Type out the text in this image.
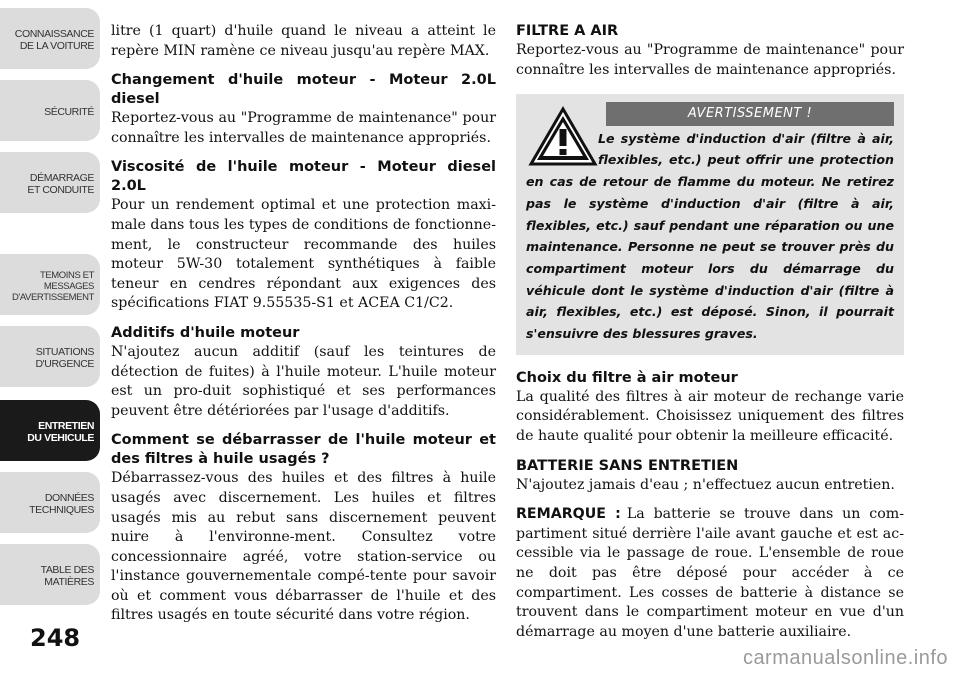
CONNAISSANCE
DE LA VOITURE
SÉCURITÉ
DÉMARRAGE
ET CONDUITE
TEMOINS ET
MESSAGES
D'AVERTISSEMENT
SITUATIONS
D'URGENCE
ENTRETIEN
DU VEHICULE
DONNÉES
TECHNIQUES
TABLE DES
MATIÈRES
248

litre (1 quart) d'huile quand le niveau a atteint le repère MIN ramène ce niveau jusqu'au repère MAX.

Changement d'huile moteur - Moteur 2.0L diesel

Reportez-vous au "Programme de maintenance" pour connaître les intervalles de maintenance appropriés.

Viscosité de l'huile moteur - Moteur diesel 2.0L

Pour un rendement optimal et une protection maxi-male dans tous les types de conditions de fonctionne-ment, le constructeur recommande des huiles moteur 5W-30 totalement synthétiques à faible teneur en cendres répondant aux exigences des spécifications FIAT 9.55535-S1 et ACEA C1/C2.

Additifs d'huile moteur

N'ajoutez aucun additif (sauf les teintures de détection de fuites) à l'huile moteur. L'huile moteur est un pro-duit sophistiqué et ses performances peuvent être détériorées par l'usage d'additifs.

Comment se débarrasser de l'huile moteur et des filtres à huile usagés ?

Débarrassez-vous des huiles et des filtres à huile usagés avec discernement. Les huiles et filtres usagés mis au rebut sans discernement peuvent nuire à l'environne-ment. Consultez votre concessionnaire agréé, votre station-service ou l'instance gouvernementale compé-tente pour savoir où et comment vous débarrasser de l'huile et des filtres usagés en toute sécurité dans votre région.

FILTRE A AIR

Reportez-vous au "Programme de maintenance" pour connaître les intervalles de maintenance appropriés.

AVERTISSEMENT !
Le système d'induction d'air (filtre à air, flexibles, etc.) peut offrir une protection en cas de retour de flamme du moteur. Ne retirez pas le système d'induction d'air (filtre à air, flexibles, etc.) sauf pendant une réparation ou une maintenance. Personne ne peut se trouver près du compartiment moteur lors du démarrage du véhicule dont le système d'induction d'air (filtre à air, flexibles, etc.) est déposé. Sinon, il pourrait s'ensuivre des blessures graves.
Choix du filtre à air moteur

La qualité des filtres à air moteur de rechange varie considérablement. Choisissez uniquement des filtres de haute qualité pour obtenir la meilleure efficacité.

BATTERIE SANS ENTRETIEN

N'ajoutez jamais d'eau ; n'effectuez aucun entretien.

REMARQUE : La batterie se trouve dans un com-partiment situé derrière l'aile avant gauche et est ac-cessible via le passage de roue. L'ensemble de roue ne doit pas être déposé pour accéder à ce compartiment. Les cosses de batterie à distance se trouvent dans le compartiment moteur en vue d'un démarrage au moyen d'une batterie auxiliaire.

carmanualsonline.info
